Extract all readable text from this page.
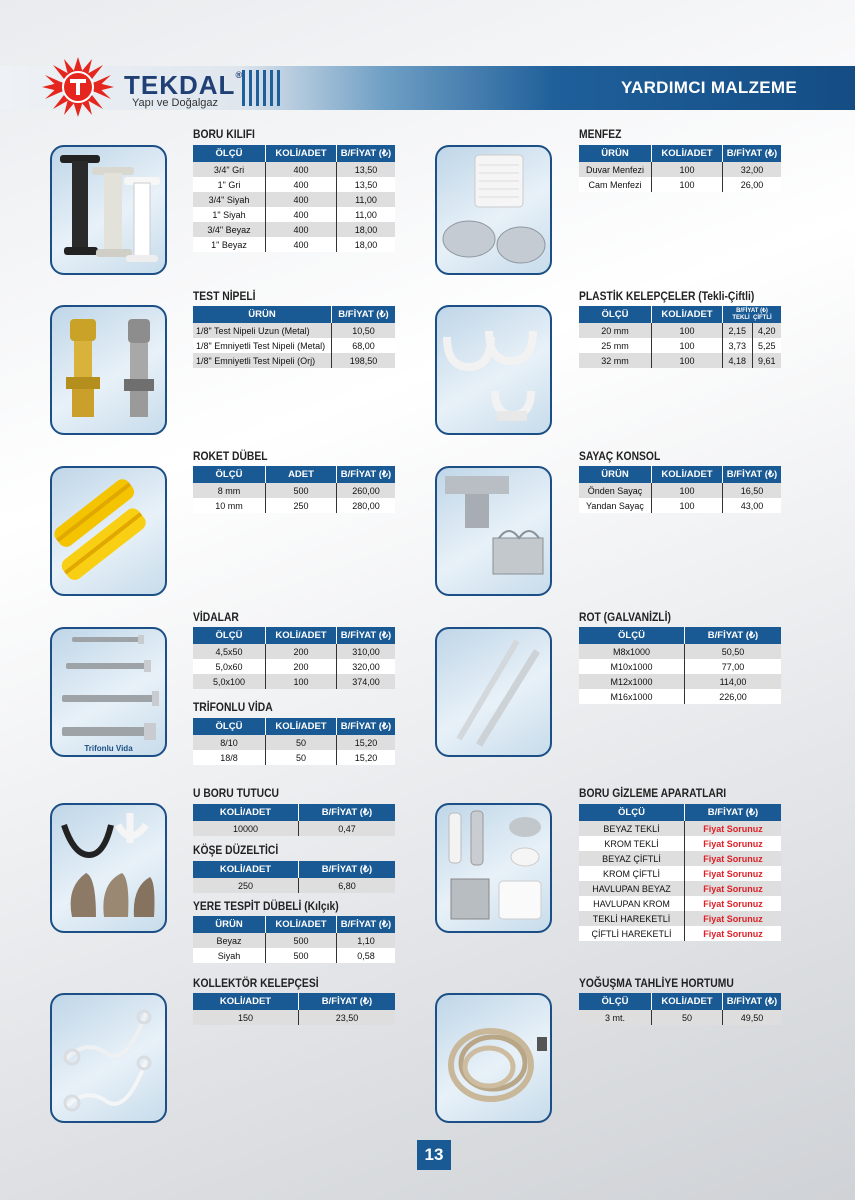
YARDIMCI MALZEME
TEKDAL®
Yapı ve Doğalgaz
BORU KILIFI
ÖLÇÜ	KOLİ/ADET	B/FİYAT (₺)
3/4" Gri	400	13,50
1" Gri	400	13,50
3/4" Siyah	400	11,00
1" Siyah	400	11,00
3/4" Beyaz	400	18,00
1" Beyaz	400	18,00
TEST NİPELİ
ÜRÜN	B/FİYAT (₺)
1/8" Test Nipeli Uzun (Metal)	10,50
1/8" Emniyetli Test Nipeli (Metal)	68,00
1/8" Emniyetli Test Nipeli (Orj)	198,50
ROKET DÜBEL
ÖLÇÜ	ADET	B/FİYAT (₺)
8 mm	500	260,00
10 mm	250	280,00
Trifonlu Vida
VİDALAR
ÖLÇÜ	KOLİ/ADET	B/FİYAT (₺)
4,5x50	200	310,00
5,0x60	200	320,00
5,0x100	100	374,00
TRİFONLU VİDA
ÖLÇÜ	KOLİ/ADET	B/FİYAT (₺)
8/10	50	15,20
18/8	50	15,20
U BORU TUTUCU
KOLİ/ADET	B/FİYAT (₺)
10000	0,47
KÖŞE DÜZELTİCİ
KOLİ/ADET	B/FİYAT (₺)
250	6,80
YERE TESPİT DÜBELİ (Kılçık)
ÜRÜN	KOLİ/ADET	B/FİYAT (₺)
Beyaz	500	1,10
Siyah	500	0,58
KOLLEKTÖR KELEPÇESİ
KOLİ/ADET	B/FİYAT (₺)
150	23,50
MENFEZ
ÜRÜN	KOLİ/ADET	B/FİYAT (₺)
Duvar Menfezi	100	32,00
Cam Menfezi	100	26,00
PLASTİK KELEPÇELER (Tekli-Çiftli)
ÖLÇÜ	KOLİ/ADET	B/FİYAT (₺)
TEKLİ ÇİFTLİ	

20 mm	100	2,15	4,20
25 mm	100	3,73	5,25
32 mm	100	4,18	9,61
SAYAÇ KONSOL
ÜRÜN	KOLİ/ADET	B/FİYAT (₺)
Önden Sayaç	100	16,50
Yandan Sayaç	100	43,00
ROT (GALVANİZLİ)
ÖLÇÜ	B/FİYAT (₺)
M8x1000	50,50
M10x1000	77,00
M12x1000	114,00
M16x1000	226,00
BORU GİZLEME APARATLARI
ÖLÇÜ	B/FİYAT (₺)
BEYAZ TEKLİ	Fiyat Sorunuz
KROM TEKLİ	Fiyat Sorunuz
BEYAZ ÇİFTLİ	Fiyat Sorunuz
KROM ÇİFTLİ	Fiyat Sorunuz
HAVLUPAN BEYAZ	Fiyat Sorunuz
HAVLUPAN KROM	Fiyat Sorunuz
TEKLİ HAREKETLİ	Fiyat Sorunuz
ÇİFTLİ HAREKETLİ	Fiyat Sorunuz
YOĞUŞMA TAHLİYE HORTUMU
ÖLÇÜ	KOLİ/ADET	B/FİYAT (₺)
3 mt.	50	49,50
13
